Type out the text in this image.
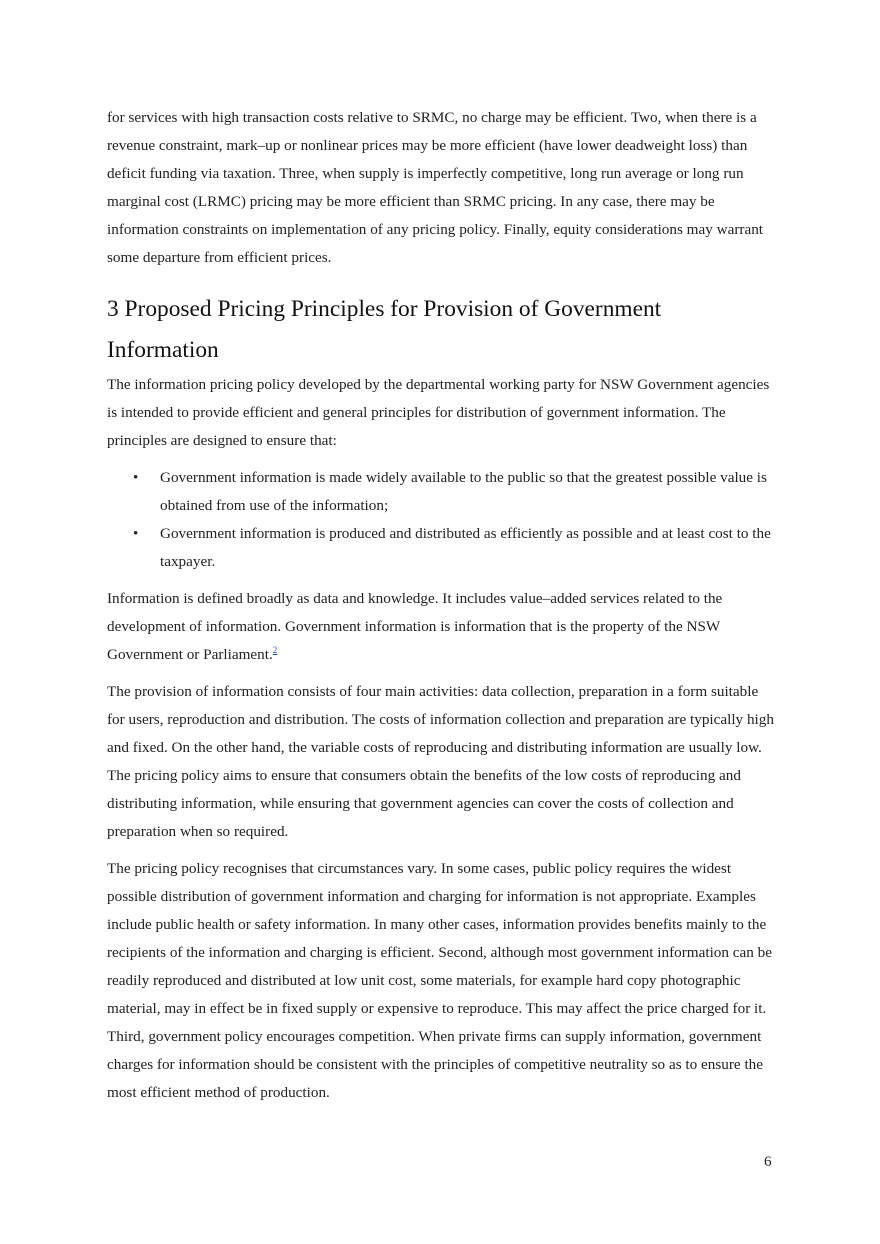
for services with high transaction costs relative to SRMC, no charge may be efficient. Two, when there is a revenue constraint, mark–up or nonlinear prices may be more efficient (have lower deadweight loss) than deficit funding via taxation. Three, when supply is imperfectly competitive, long run average or long run marginal cost (LRMC) pricing may be more efficient than SRMC pricing. In any case, there may be information constraints on implementation of any pricing policy. Finally, equity considerations may warrant some departure from efficient prices.

3 Proposed Pricing Principles for Provision of Government Information

The information pricing policy developed by the departmental working party for NSW Government agencies is intended to provide efficient and general principles for distribution of government information. The principles are designed to ensure that:

• Government information is made widely available to the public so that the greatest possible value is obtained from use of the information;
• Government information is produced and distributed as efficiently as possible and at least cost to the taxpayer.

Information is defined broadly as data and knowledge. It includes value–added services related to the development of information. Government information is information that is the property of the NSW Government or Parliament.$^2$

The provision of information consists of four main activities: data collection, preparation in a form suitable for users, reproduction and distribution. The costs of information collection and preparation are typically high and fixed. On the other hand, the variable costs of reproducing and distributing information are usually low. The pricing policy aims to ensure that consumers obtain the benefits of the low costs of reproducing and distributing information, while ensuring that government agencies can cover the costs of collection and preparation when so required.

The pricing policy recognises that circumstances vary. In some cases, public policy requires the widest possible distribution of government information and charging for information is not appropriate. Examples include public health or safety information. In many other cases, information provides benefits mainly to the recipients of the information and charging is efficient. Second, although most government information can be readily reproduced and distributed at low unit cost, some materials, for example hard copy photographic material, may in effect be in fixed supply or expensive to reproduce. This may affect the price charged for it. Third, government policy encourages competition. When private firms can supply information, government charges for information should be consistent with the principles of competitive neutrality so as to ensure the most efficient method of production.

6
